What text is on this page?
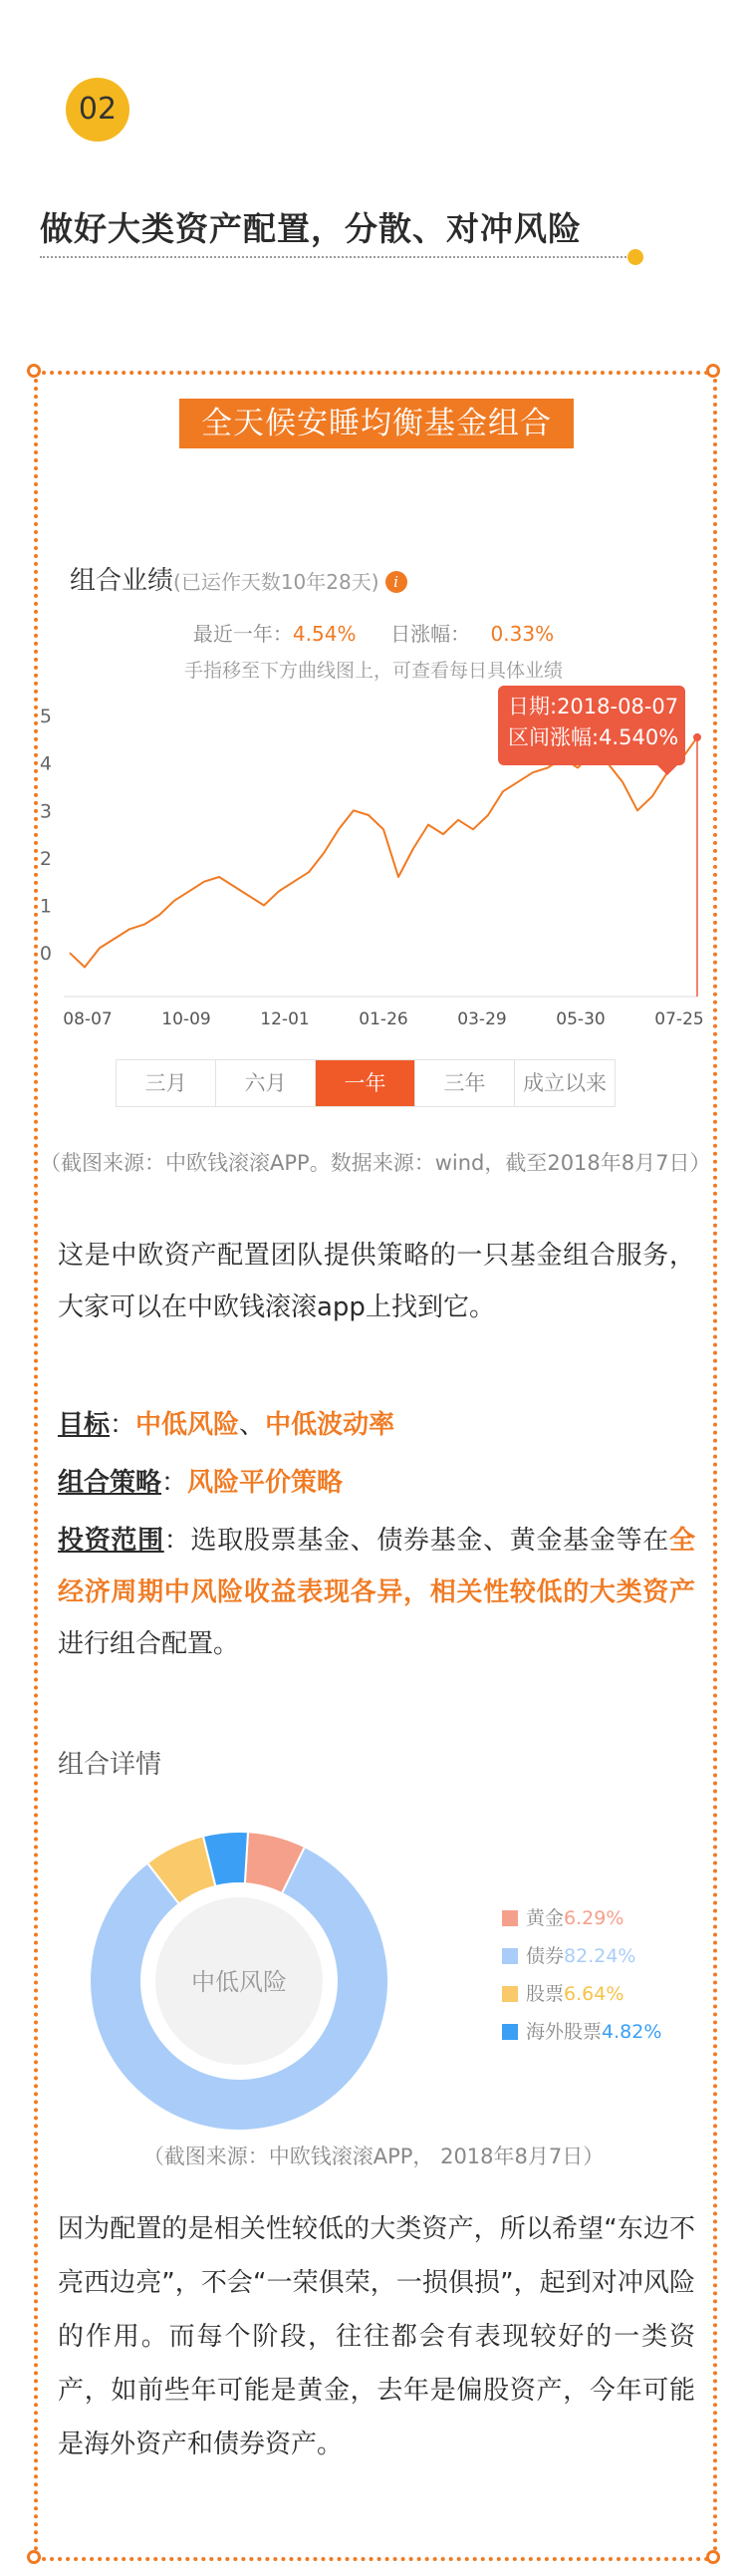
02
做好大类资产配置，分散、对冲风险
全天候安睡均衡基金组合
组合业绩(已运作天数10年28天) i
最近一年：4.54% 日涨幅： 0.33%
手指移至下方曲线图上，可查看每日具体业绩
5
4
3
2
1
0
08-07	10-09	12-01	01-26	03-29	05-30	07-25
日期:2018-08-07
区间涨幅:4.540%
三月	六月	一年	三年	成立以来
（截图来源：中欧钱滚滚APP。数据来源：wind，截至2018年8月7日）
这是中欧资产配置团队提供策略的一只基金组合服务，大家可以在中欧钱滚滚app上找到它。
目标：中低风险、中低波动率
组合策略：风险平价策略
投资范围：选取股票基金、债券基金、黄金基金等在全经济周期中风险收益表现各异，相关性较低的大类资产进行组合配置。
组合详情
中低风险
黄金 6.29%
债券 82.24%
股票 6.64%
海外股票 4.82%
（截图来源：中欧钱滚滚APP， 2018年8月7日）
因为配置的是相关性较低的大类资产，所以希望“东边不亮西边亮”，不会“一荣俱荣，一损俱损”，起到对冲风险的作用。而每个阶段，往往都会有表现较好的一类资产，如前些年可能是黄金，去年是偏股资产，今年可能是海外资产和债券资产。
